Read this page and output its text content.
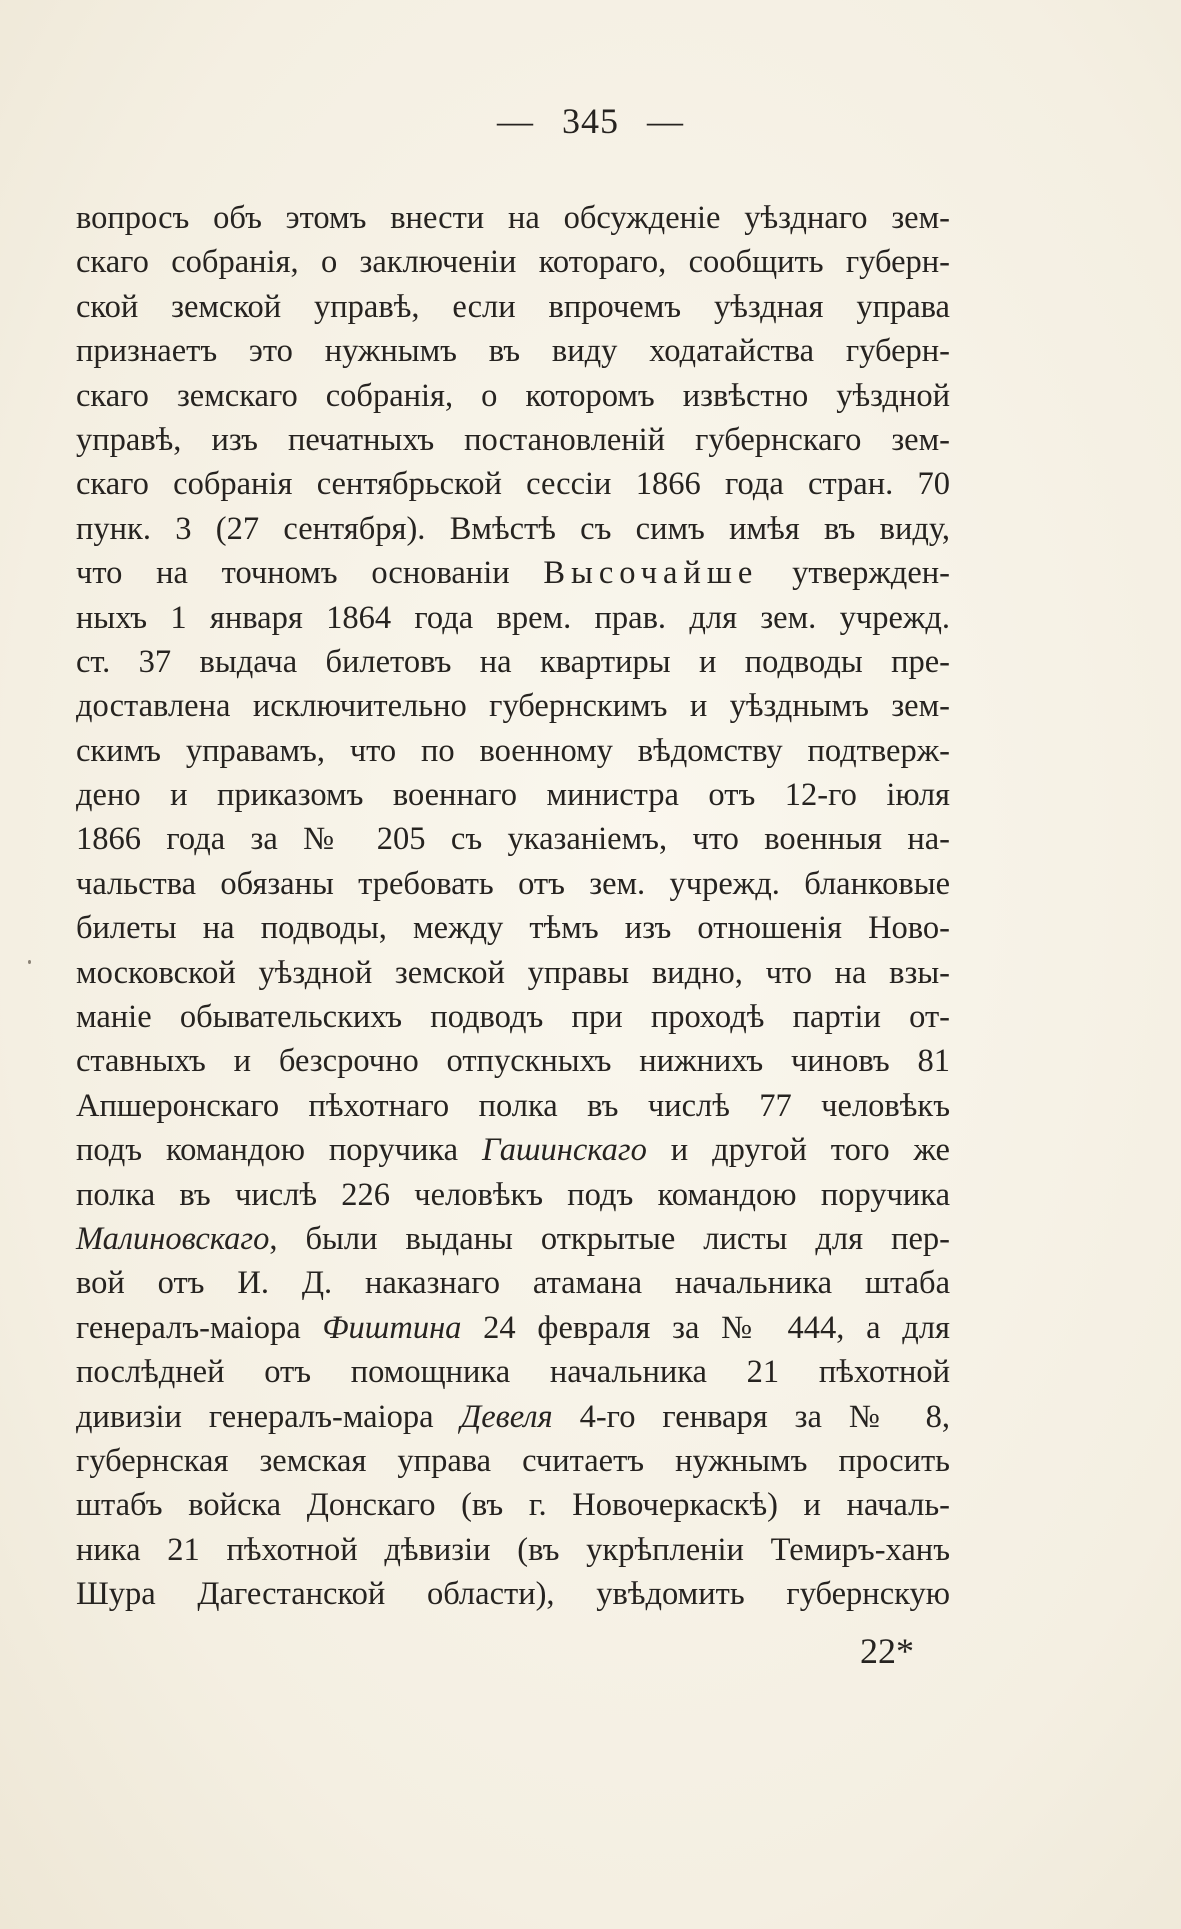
— 345 —
вопросъ объ этомъ внести на обсужденіе уѣзднаго зем-
скаго собранія, о заключеніи котораго, сообщить губерн-
ской земской управѣ, если впрочемъ уѣздная управа
признаетъ это нужнымъ въ виду ходатайства губерн-
скаго земскаго собранія, о которомъ извѣстно уѣздной
управѣ, изъ печатныхъ постановленій губернскаго зем-
скаго собранія сентябрьской сессіи 1866 года стран. 70
пунк. 3 (27 сентября). Вмѣстѣ съ симъ имѣя въ виду,
что на точномъ основаніи Высочайше утвержден-
ныхъ 1 января 1864 года врем. прав. для зем. учрежд.
ст. 37 выдача билетовъ на квартиры и подводы пре-
доставлена исключительно губернскимъ и уѣзднымъ зем-
скимъ управамъ, что по военному вѣдомству подтверж-
дено и приказомъ военнаго министра отъ 12-го іюля
1866 года за № 205 съ указаніемъ, что военныя на-
чальства обязаны требовать отъ зем. учрежд. бланковые
билеты на подводы, между тѣмъ изъ отношенія Ново-
московской уѣздной земской управы видно, что на взы-
маніе обывательскихъ подводъ при проходѣ партіи от-
ставныхъ и безсрочно отпускныхъ нижнихъ чиновъ 81
Апшеронскаго пѣхотнаго полка въ числѣ 77 человѣкъ
подъ командою поручика Гашинскаго и другой того же
полка въ числѣ 226 человѣкъ подъ командою поручика
Малиновскаго, были выданы открытые листы для пер-
вой отъ И. Д. наказнаго атамана начальника штаба
генералъ-маіора Фиштина 24 февраля за № 444, а для
послѣдней отъ помощника начальника 21 пѣхотной
дивизіи генералъ-маіора Девеля 4-го генваря за № 8,
губернская земская управа считаетъ нужнымъ просить
штабъ войска Донскаго (въ г. Новочеркаскѣ) и началь-
ника 21 пѣхотной дѣвизіи (въ укрѣпленіи Темиръ-ханъ
Шура Дагестанской области), увѣдомить губернскую
22*
